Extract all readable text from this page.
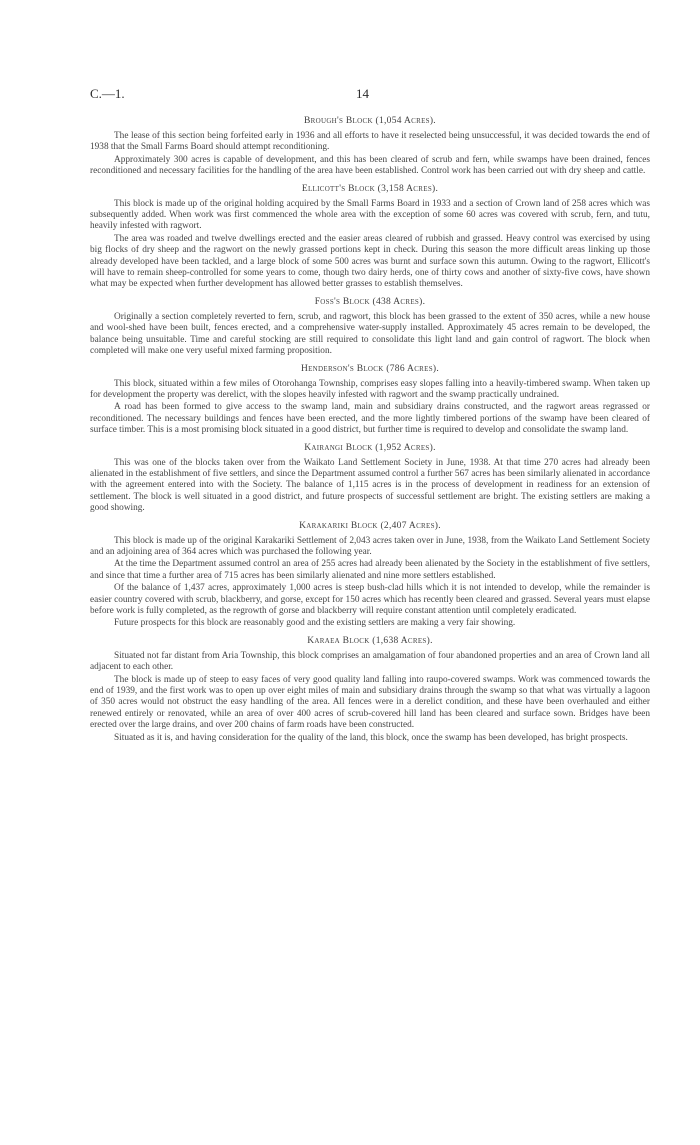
C.—1.	14
Brough's Block (1,054 Acres).

The lease of this section being forfeited early in 1936 and all efforts to have it reselected being unsuccessful, it was decided towards the end of 1938 that the Small Farms Board should attempt reconditioning.

Approximately 300 acres is capable of development, and this has been cleared of scrub and fern, while swamps have been drained, fences reconditioned and necessary facilities for the handling of the area have been established. Control work has been carried out with dry sheep and cattle.

Ellicott's Block (3,158 Acres).

This block is made up of the original holding acquired by the Small Farms Board in 1933 and a section of Crown land of 258 acres which was subsequently added. When work was first commenced the whole area with the exception of some 60 acres was covered with scrub, fern, and tutu, heavily infested with ragwort.

The area was roaded and twelve dwellings erected and the easier areas cleared of rubbish and grassed. Heavy control was exercised by using big flocks of dry sheep and the ragwort on the newly grassed portions kept in check. During this season the more difficult areas linking up those already developed have been tackled, and a large block of some 500 acres was burnt and surface sown this autumn. Owing to the ragwort, Ellicott's will have to remain sheep-controlled for some years to come, though two dairy herds, one of thirty cows and another of sixty-five cows, have shown what may be expected when further development has allowed better grasses to establish themselves.

Foss's Block (438 Acres).

Originally a section completely reverted to fern, scrub, and ragwort, this block has been grassed to the extent of 350 acres, while a new house and wool-shed have been built, fences erected, and a comprehensive water-supply installed. Approximately 45 acres remain to be developed, the balance being unsuitable. Time and careful stocking are still required to consolidate this light land and gain control of ragwort. The block when completed will make one very useful mixed farming proposition.

Henderson's Block (786 Acres).

This block, situated within a few miles of Otorohanga Township, comprises easy slopes falling into a heavily-timbered swamp. When taken up for development the property was derelict, with the slopes heavily infested with ragwort and the swamp practically undrained.

A road has been formed to give access to the swamp land, main and subsidiary drains constructed, and the ragwort areas regrassed or reconditioned. The necessary buildings and fences have been erected, and the more lightly timbered portions of the swamp have been cleared of surface timber. This is a most promising block situated in a good district, but further time is required to develop and consolidate the swamp land.

Kairangi Block (1,952 Acres).

This was one of the blocks taken over from the Waikato Land Settlement Society in June, 1938. At that time 270 acres had already been alienated in the establishment of five settlers, and since the Department assumed control a further 567 acres has been similarly alienated in accordance with the agreement entered into with the Society. The balance of 1,115 acres is in the process of development in readiness for an extension of settlement. The block is well situated in a good district, and future prospects of successful settlement are bright. The existing settlers are making a good showing.

Karakariki Block (2,407 Acres).

This block is made up of the original Karakariki Settlement of 2,043 acres taken over in June, 1938, from the Waikato Land Settlement Society and an adjoining area of 364 acres which was purchased the following year.

At the time the Department assumed control an area of 255 acres had already been alienated by the Society in the establishment of five settlers, and since that time a further area of 715 acres has been similarly alienated and nine more settlers established.

Of the balance of 1,437 acres, approximately 1,000 acres is steep bush-clad hills which it is not intended to develop, while the remainder is easier country covered with scrub, blackberry, and gorse, except for 150 acres which has recently been cleared and grassed. Several years must elapse before work is fully completed, as the regrowth of gorse and blackberry will require constant attention until completely eradicated.

Future prospects for this block are reasonably good and the existing settlers are making a very fair showing.

Karaea Block (1,638 Acres).

Situated not far distant from Aria Township, this block comprises an amalgamation of four abandoned properties and an area of Crown land all adjacent to each other.

The block is made up of steep to easy faces of very good quality land falling into raupo-covered swamps. Work was commenced towards the end of 1939, and the first work was to open up over eight miles of main and subsidiary drains through the swamp so that what was virtually a lagoon of 350 acres would not obstruct the easy handling of the area. All fences were in a derelict condition, and these have been overhauled and either renewed entirely or renovated, while an area of over 400 acres of scrub-covered hill land has been cleared and surface sown. Bridges have been erected over the large drains, and over 200 chains of farm roads have been constructed.

Situated as it is, and having consideration for the quality of the land, this block, once the swamp has been developed, has bright prospects.
